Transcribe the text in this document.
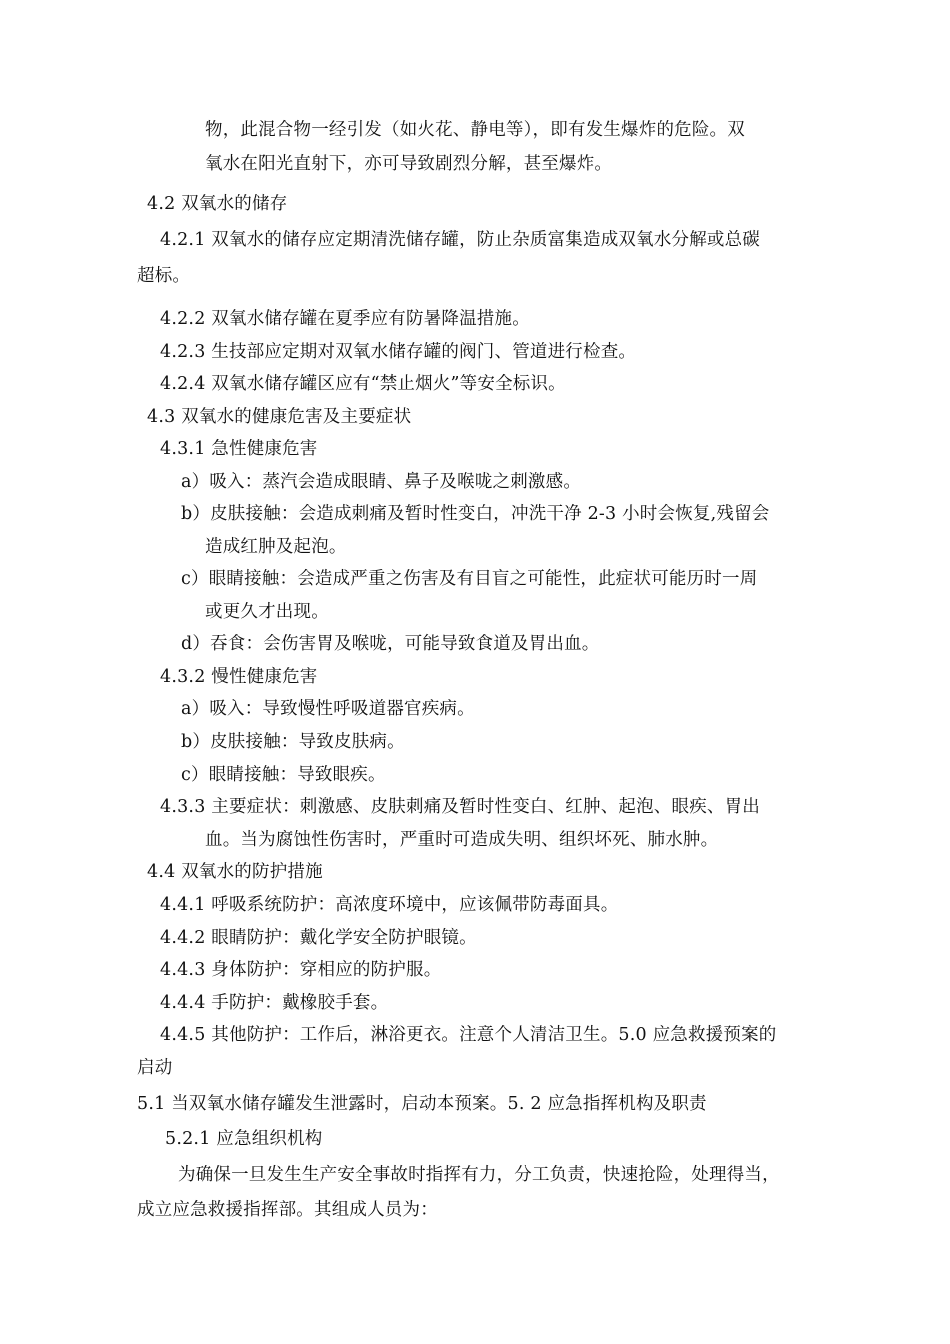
物，此混合物一经引发（如火花、静电等），即有发生爆炸的危险。双

氧水在阳光直射下，亦可导致剧烈分解，甚至爆炸。

4.2 双氧水的储存

4.2.1 双氧水的储存应定期清洗储存罐，防止杂质富集造成双氧水分解或总碳

超标。

4.2.2 双氧水储存罐在夏季应有防暑降温措施。

4.2.3 生技部应定期对双氧水储存罐的阀门、管道进行检查。

4.2.4 双氧水储存罐区应有“禁止烟火”等安全标识。

4.3 双氧水的健康危害及主要症状

4.3.1 急性健康危害

a）吸入：蒸汽会造成眼睛、鼻子及喉咙之刺激感。

b）皮肤接触：会造成刺痛及暂时性变白，冲洗干净 2-3 小时会恢复,残留会

造成红肿及起泡。

c）眼睛接触：会造成严重之伤害及有目盲之可能性，此症状可能历时一周

或更久才出现。

d）吞食：会伤害胃及喉咙，可能导致食道及胃出血。

4.3.2 慢性健康危害

a）吸入：导致慢性呼吸道器官疾病。

b）皮肤接触：导致皮肤病。

c）眼睛接触：导致眼疾。

4.3.3 主要症状：刺激感、皮肤刺痛及暂时性变白、红肿、起泡、眼疾、胃出

血。当为腐蚀性伤害时，严重时可造成失明、组织坏死、肺水肿。

4.4 双氧水的防护措施

4.4.1 呼吸系统防护：高浓度环境中，应该佩带防毒面具。

4.4.2 眼睛防护：戴化学安全防护眼镜。

4.4.3 身体防护：穿相应的防护服。

4.4.4 手防护：戴橡胶手套。

4.4.5 其他防护：工作后，淋浴更衣。注意个人清洁卫生。5.0 应急救援预案的

启动

5.1 当双氧水储存罐发生泄露时，启动本预案。5. 2 应急指挥机构及职责

5.2.1 应急组织机构

为确保一旦发生生产安全事故时指挥有力，分工负责，快速抢险，处理得当，

成立应急救援指挥部。其组成人员为：
